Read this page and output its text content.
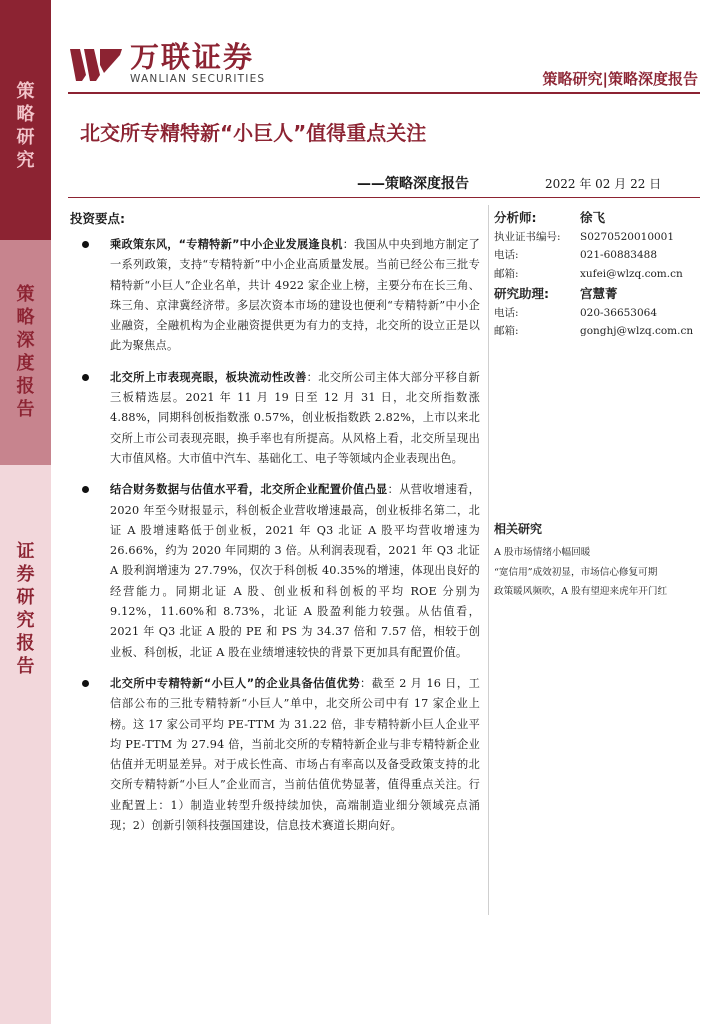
策
略
研
究
策
略
深
度
报
告
证
券
研
究
报
告
万联证券
WANLIAN SECURITIES	策略研究|策略深度报告
北交所专精特新“小巨人”值得重点关注
——策略深度报告	2022 年 02 月 22 日
投资要点:
乘政策东风，“专精特新”中小企业发展逢良机：我国从中央到地方制定了一系列政策，支持“专精特新”中小企业高质量发展。当前已经公布三批专精特新“小巨人”企业名单，共计 4922 家企业上榜，主要分布在长三角、珠三角、京津冀经济带。多层次资本市场的建设也便利“专精特新”中小企业融资，全融机构为企业融资提供更为有力的支持，北交所的设立正是以此为聚焦点。
北交所上市表现亮眼，板块流动性改善：北交所公司主体大部分平移自新三板精选层。2021 年 11 月 19 日至 12 月 31 日，北交所指数涨 4.88%，同期科创板指数涨 0.57%，创业板指数跌 2.82%，上市以来北交所上市公司表现亮眼，换手率也有所提高。从风格上看，北交所呈现出大市值风格。大市值中汽车、基础化工、电子等领域内企业表现出色。
结合财务数据与估值水平看，北交所企业配置价值凸显：从营收增速看，2020 年至今财报显示，科创板企业营收增速最高，创业板排名第二，北证 A 股增速略低于创业板，2021 年 Q3 北证 A 股平均营收增速为 26.66%，约为 2020 年同期的 3 倍。从利润表现看，2021 年 Q3 北证 A 股利润增速为 27.79%，仅次于科创板 40.35%的增速，体现出良好的经营能力。同期北证 A 股、创业板和科创板的平均 ROE 分别为 9.12%，11.60%和 8.73%，北证 A 股盈利能力较强。从估值看，2021 年 Q3 北证 A 股的 PE 和 PS 为 34.37 倍和 7.57 倍，相较于创业板、科创板，北证 A 股在业绩增速较快的背景下更加具有配置价值。
北交所中专精特新“小巨人”的企业具备估值优势：截至 2 月 16 日，工信部公布的三批专精特新“小巨人”单中，北交所公司中有 17 家企业上榜。这 17 家公司平均 PE-TTM 为 31.22 倍，非专精特新小巨人企业平均 PE-TTM 为 27.94 倍，当前北交所的专精特新企业与非专精特新企业估值并无明显差异。对于成长性高、市场占有率高以及备受政策支持的北交所专精特新“小巨人”企业而言，当前估值优势显著，值得重点关注。行业配置上：1）制造业转型升级持续加快，高端制造业细分领域亮点涌现；2）创新引领科技强国建设，信息技术赛道长期向好。
分析师:	徐飞
执业证书编号:	S0270520010001
电话:	021-60883488
邮箱:	xufei@wlzq.com.cn
研究助理:	宫慧菁
电话:	020-36653064
邮箱:	gonghj@wlzq.com.cn
相关研究
A 股市场情绪小幅回暖
“宽信用”成效初显，市场信心修复可期
政策暖风频吹，A 股有望迎来虎年开门红
